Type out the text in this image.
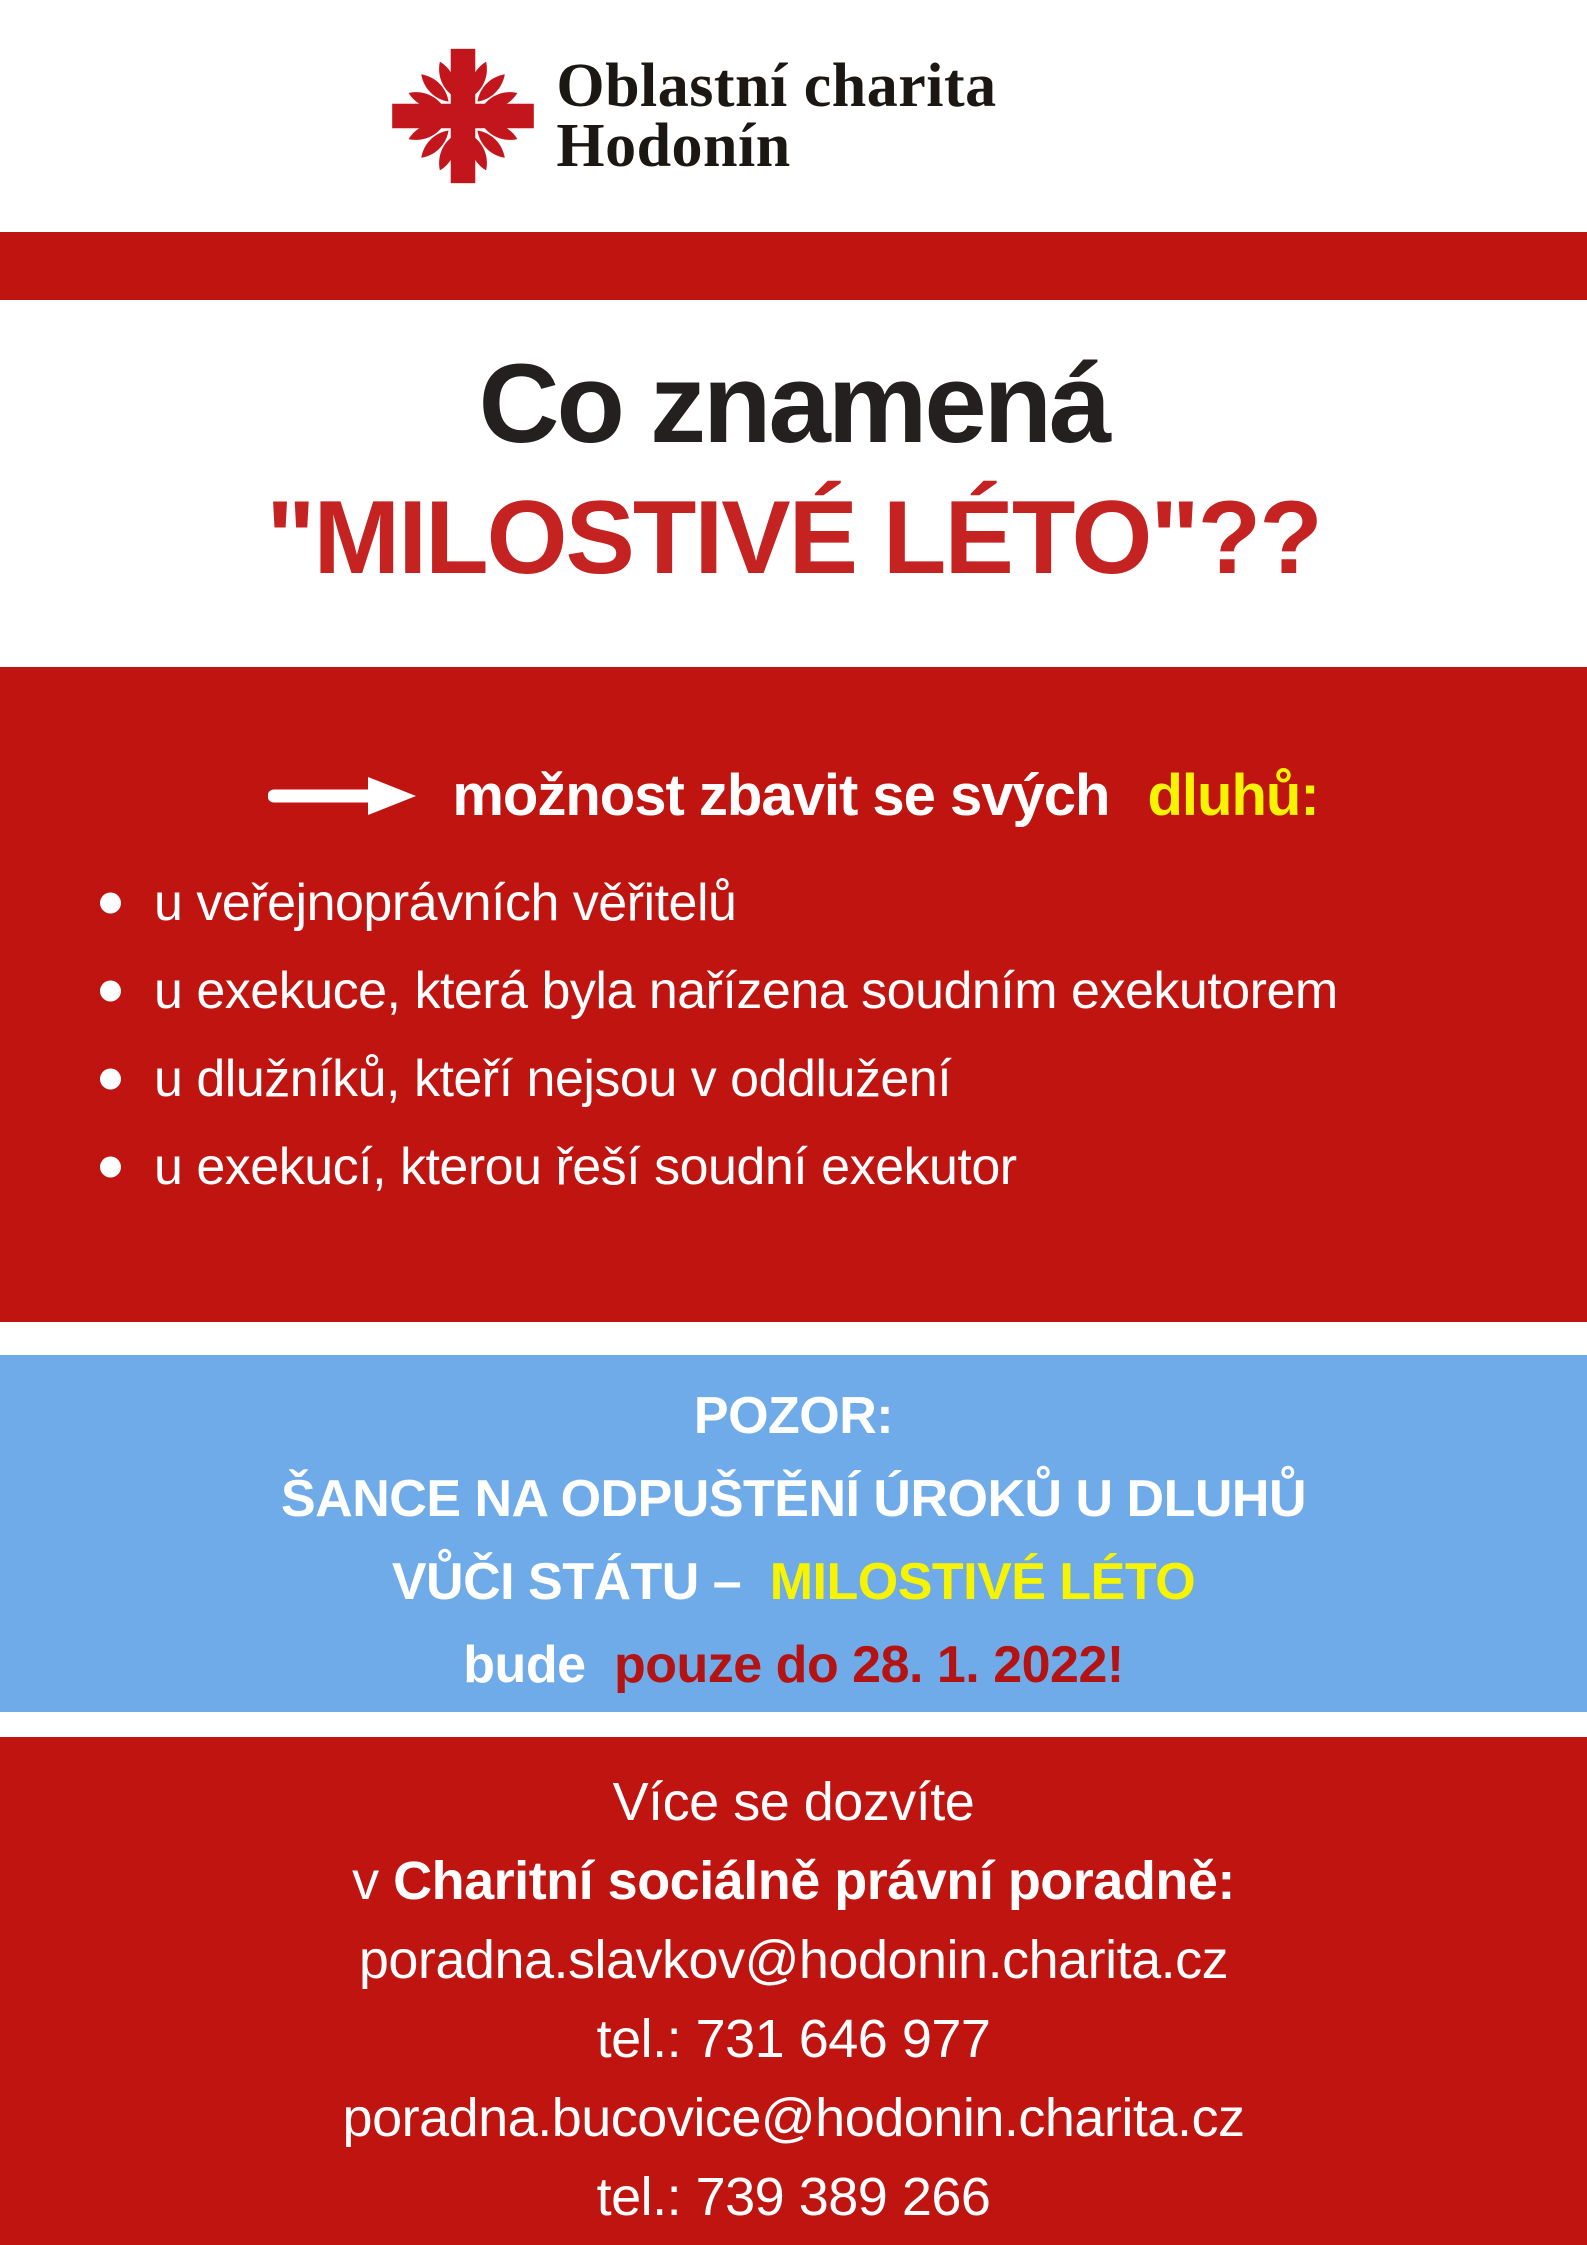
Oblastní charita
Hodonín
Co znamená
"MILOSTIVÉ LÉTO"??
možnost zbavit se svých dluhů:
u veřejnoprávních věřitelů
u exekuce, která byla nařízena soudním exekutorem
u dlužníků, kteří nejsou v oddlužení
u exekucí, kterou řeší soudní exekutor
POZOR:
ŠANCE NA ODPUŠTĚNÍ ÚROKŮ U DLUHŮ
VŮČI STÁTU – MILOSTIVÉ LÉTO
bude pouze do 28. 1. 2022!
Více se dozvíte
v Charitní sociálně právní poradně:
poradna.slavkov@hodonin.charita.cz
tel.: 731 646 977
poradna.bucovice@hodonin.charita.cz
tel.: 739 389 266
